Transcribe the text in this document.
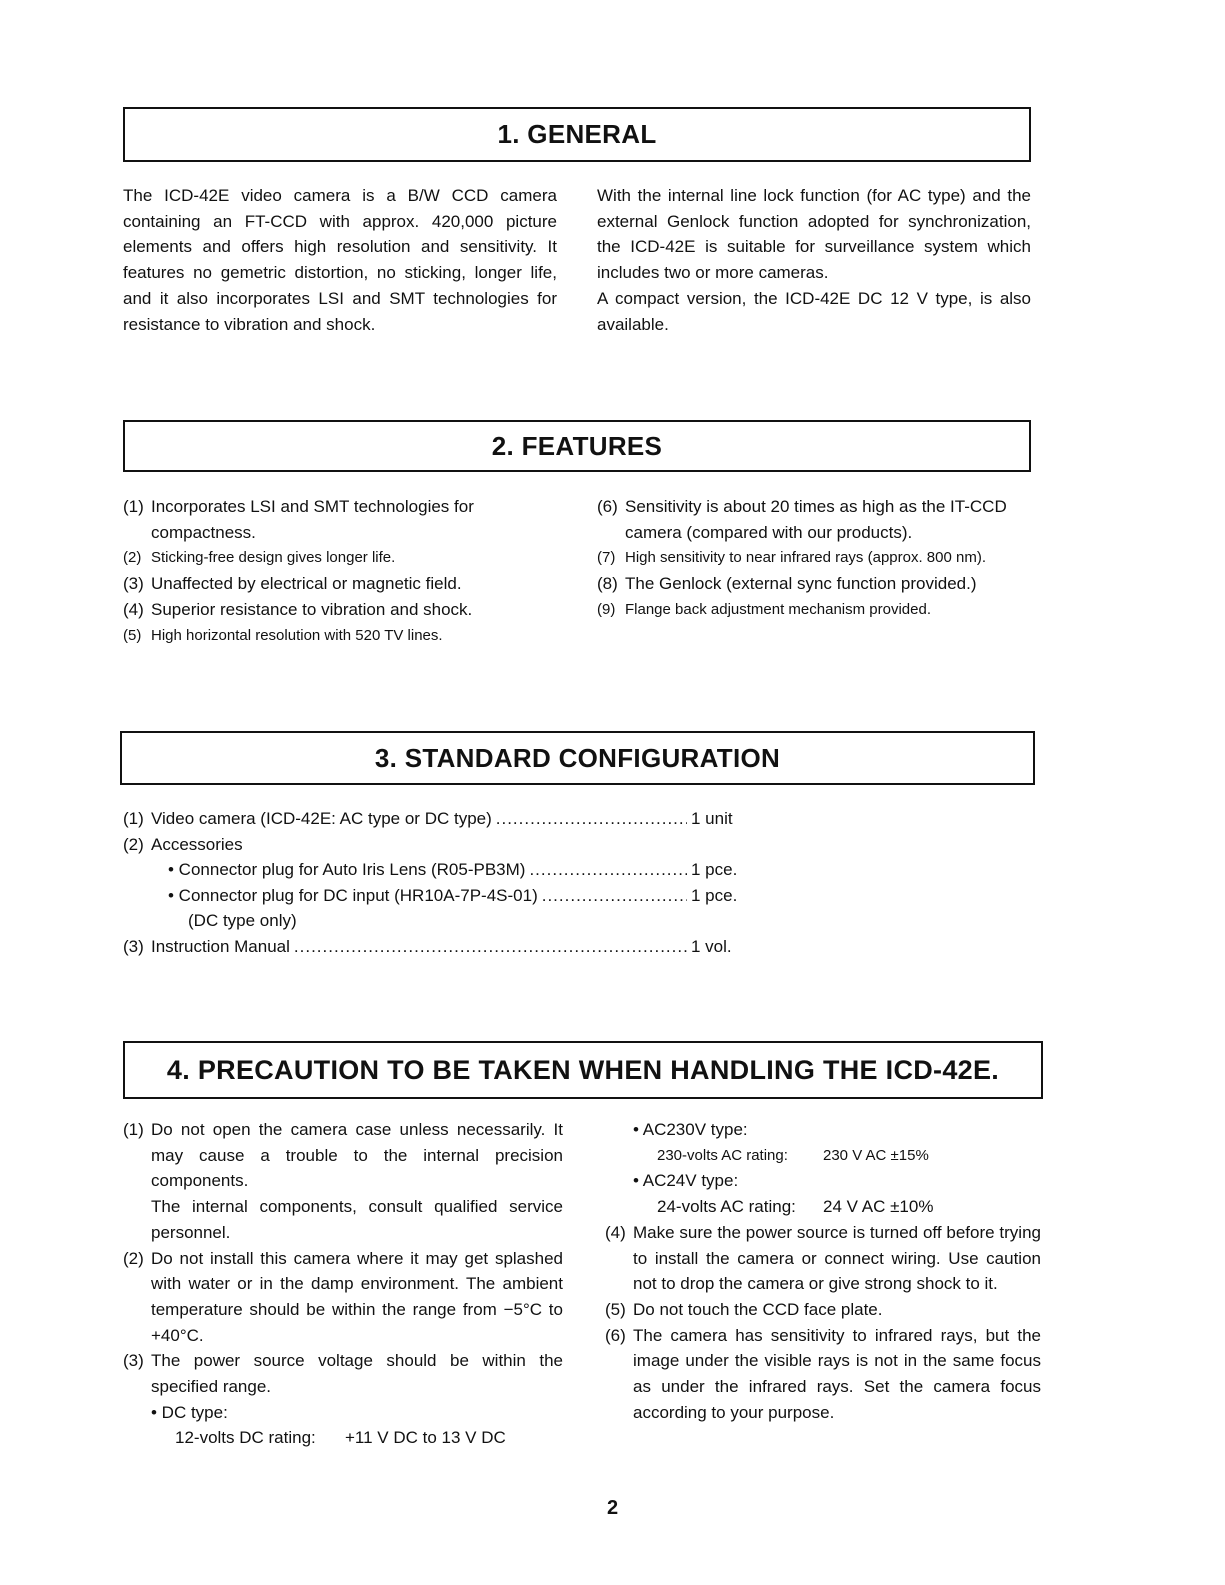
1. GENERAL

The ICD-42E video camera is a B/W CCD camera containing an FT-CCD with approx. 420,000 picture elements and offers high resolution and sensitivity. It features no gemetric distortion, no sticking, longer life, and it also incorporates LSI and SMT technologies for resistance to vibration and shock.

With the internal line lock function (for AC type) and the external Genlock function adopted for synchronization, the ICD-42E is suitable for surveillance system which includes two or more cameras.

A compact version, the ICD-42E DC 12 V type, is also available.

2. FEATURES
(1) Incorporates LSI and SMT technologies for compactness.
(2) Sticking-free design gives longer life.
(3) Unaffected by electrical or magnetic field.
(4) Superior resistance to vibration and shock.
(5) High horizontal resolution with 520 TV lines.
(6) Sensitivity is about 20 times as high as the IT-CCD camera (compared with our products).
(7) High sensitivity to near infrared rays (approx. 800 nm).
(8) The Genlock (external sync function provided.)
(9) Flange back adjustment mechanism provided.
3. STANDARD CONFIGURATION
(1) Video camera (ICD-42E: AC type or DC type) .....	1 unit
(2) Accessories
• Connector plug for Auto Iris Lens (R05-PB3M) .....	1 pce.
• Connector plug for DC input (HR10A-7P-4S-01) .....	1 pce.
(DC type only)
(3) Instruction Manual .....	1 vol.
4. PRECAUTION TO BE TAKEN WHEN HANDLING THE ICD-42E.
(1) Do not open the camera case unless necessarily. It may cause a trouble to the internal precision components.
The internal components, consult qualified service personnel.
(2) Do not install this camera where it may get splashed with water or in the damp environment. The ambient temperature should be within the range from −5°C to +40°C.
(3) The power source voltage should be within the specified range.
• DC type:
12-volts DC rating:	+11 V DC to 13 V DC
• AC230V type:
230-volts AC rating:	230 V AC ±15%
• AC24V type:
24-volts AC rating:	24 V AC ±10%
(4) Make sure the power source is turned off before trying to install the camera or connect wiring. Use caution not to drop the camera or give strong shock to it.
(5) Do not touch the CCD face plate.
(6) The camera has sensitivity to infrared rays, but the image under the visible rays is not in the same focus as under the infrared rays. Set the camera focus according to your purpose.
2
